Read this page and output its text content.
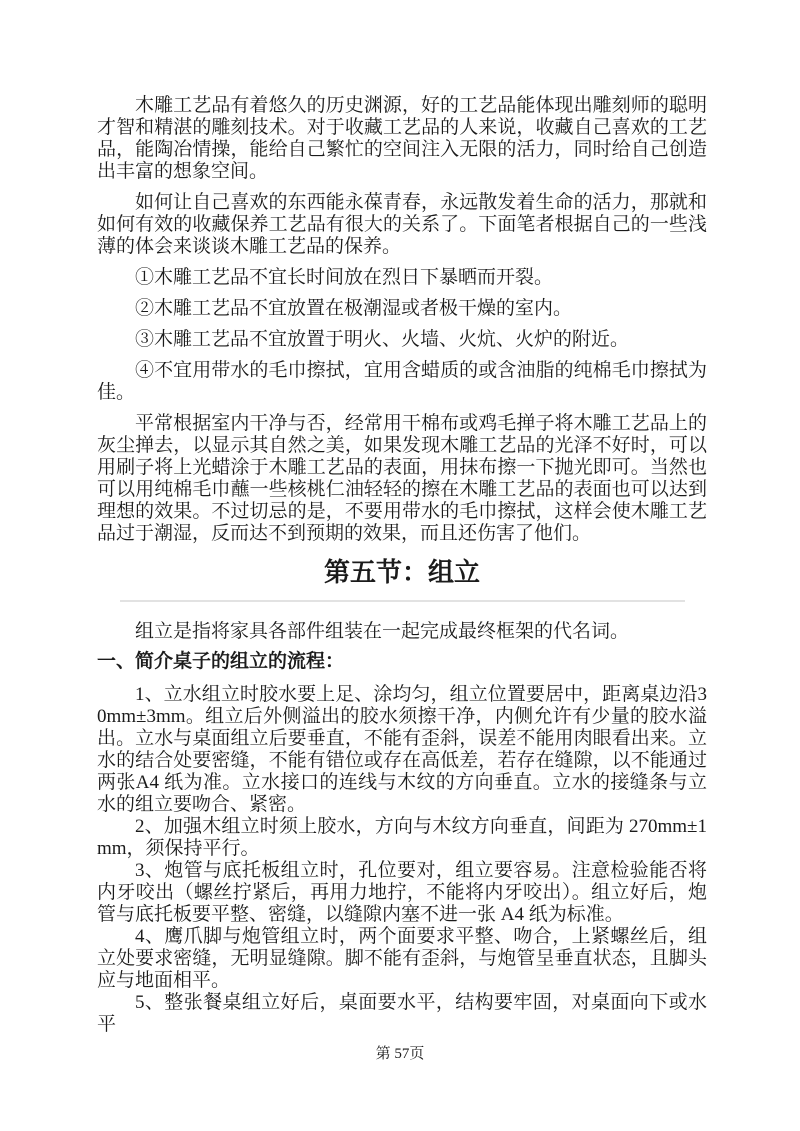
木雕工艺品有着悠久的历史渊源，好的工艺品能体现出雕刻师的聪明才智和精湛的雕刻技术。对于收藏工艺品的人来说，收藏自己喜欢的工艺品，能陶冶情操，能给自己繁忙的空间注入无限的活力，同时给自己创造出丰富的想象空间。

如何让自己喜欢的东西能永葆青春，永远散发着生命的活力，那就和如何有效的收藏保养工艺品有很大的关系了。下面笔者根据自己的一些浅薄的体会来谈谈木雕工艺品的保养。

①木雕工艺品不宜长时间放在烈日下暴晒而开裂。

②木雕工艺品不宜放置在极潮湿或者极干燥的室内。

③木雕工艺品不宜放置于明火、火墙、火炕、火炉的附近。

④不宜用带水的毛巾擦拭，宜用含蜡质的或含油脂的纯棉毛巾擦拭为佳。

平常根据室内干净与否，经常用干棉布或鸡毛掸子将木雕工艺品上的灰尘掸去，以显示其自然之美，如果发现木雕工艺品的光泽不好时，可以用刷子将上光蜡涂于木雕工艺品的表面，用抹布擦一下抛光即可。当然也可以用纯棉毛巾蘸一些核桃仁油轻轻的擦在木雕工艺品的表面也可以达到理想的效果。不过切忌的是，不要用带水的毛巾擦拭，这样会使木雕工艺品过于潮湿，反而达不到预期的效果，而且还伤害了他们。

第五节：组立

组立是指将家具各部件组装在一起完成最终框架的代名词。

一、简介桌子的组立的流程：

1、立水组立时胶水要上足、涂均匀，组立位置要居中，距离桌边沿30mm±3mm。组立后外侧溢出的胶水须擦干净，内侧允许有少量的胶水溢出。立水与桌面组立后要垂直，不能有歪斜，误差不能用肉眼看出来。立水的结合处要密缝，不能有错位或存在高低差，若存在缝隙，以不能通过两张A4 纸为准。立水接口的连线与木纹的方向垂直。立水的接缝条与立水的组立要吻合、紧密。

2、加强木组立时须上胶水，方向与木纹方向垂直，间距为 270mm±1mm，须保持平行。

3、炮管与底托板组立时，孔位要对，组立要容易。注意检验能否将内牙咬出（螺丝拧紧后，再用力地拧，不能将内牙咬出）。组立好后，炮管与底托板要平整、密缝，以缝隙内塞不进一张 A4 纸为标准。

4、鹰爪脚与炮管组立时，两个面要求平整、吻合，上紧螺丝后，组立处要求密缝，无明显缝隙。脚不能有歪斜，与炮管呈垂直状态，且脚头应与地面相平。

5、整张餐桌组立好后，桌面要水平，结构要牢固，对桌面向下或水平

第 57页
